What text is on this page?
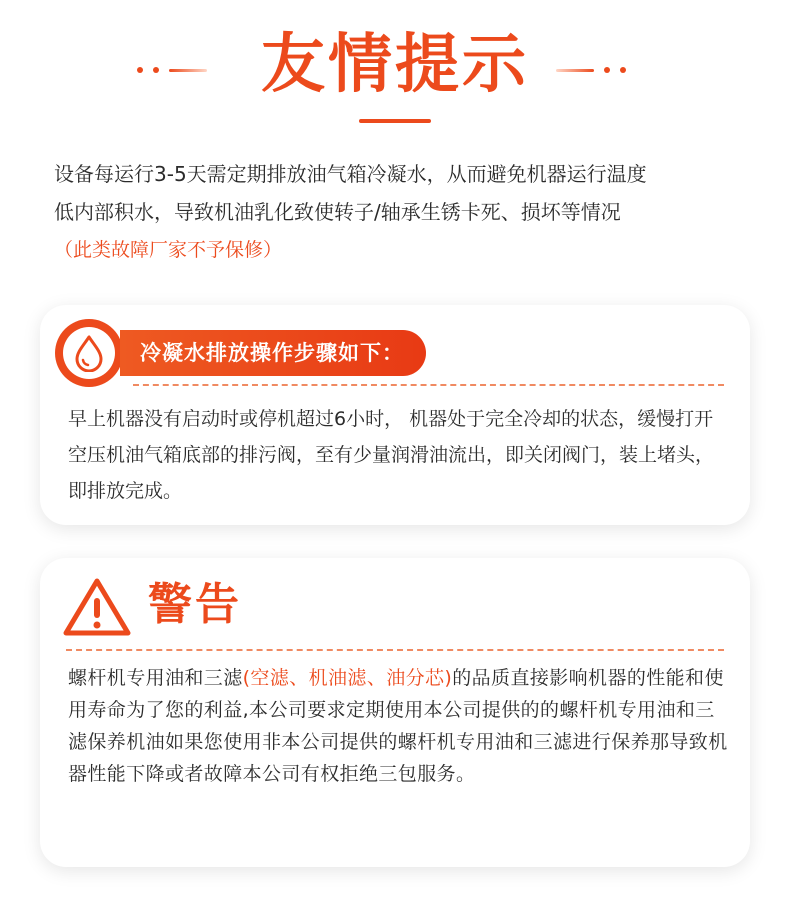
友情提示
设备每运行3-5天需定期排放油气箱冷凝水，从而避免机器运行温度
低内部积水，导致机油乳化致使转子/轴承生锈卡死、损坏等情况
（此类故障厂家不予保修）
冷凝水排放操作步骤如下：
早上机器没有启动时或停机超过6小时， 机器处于完全冷却的状态，缓慢打开空压机油气箱底部的排污阀，至有少量润滑油流出，即关闭阀门，装上堵头，即排放完成。
警告
螺杆机专用油和三滤(空滤、机油滤、油分芯)的品质直接影响机器的性能和使用寿命为了您的利益,本公司要求定期使用本公司提供的的螺杆机专用油和三滤保养机油如果您使用非本公司提供的螺杆机专用油和三滤进行保养那导致机器性能下降或者故障本公司有权拒绝三包服务。
